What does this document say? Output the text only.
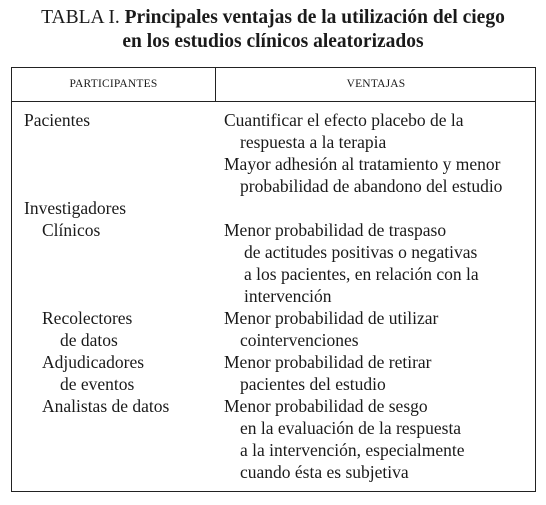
TABLA I. Principales ventajas de la utilización del ciego
en los estudios clínicos aleatorizados
PARTICIPANTES	VENTAJAS
Pacientes
Investigadores
Clínicos
Recolectores
de datos
Adjudicadores
de eventos
Analistas de datos
Cuantificar el efecto placebo de la
respuesta a la terapia
Mayor adhesión al tratamiento y menor
probabilidad de abandono del estudio
Menor probabilidad de traspaso
de actitudes positivas o negativas
a los pacientes, en relación con la
intervención
Menor probabilidad de utilizar
cointervenciones
Menor probabilidad de retirar
pacientes del estudio
Menor probabilidad de sesgo
en la evaluación de la respuesta
a la intervención, especialmente
cuando ésta es subjetiva
